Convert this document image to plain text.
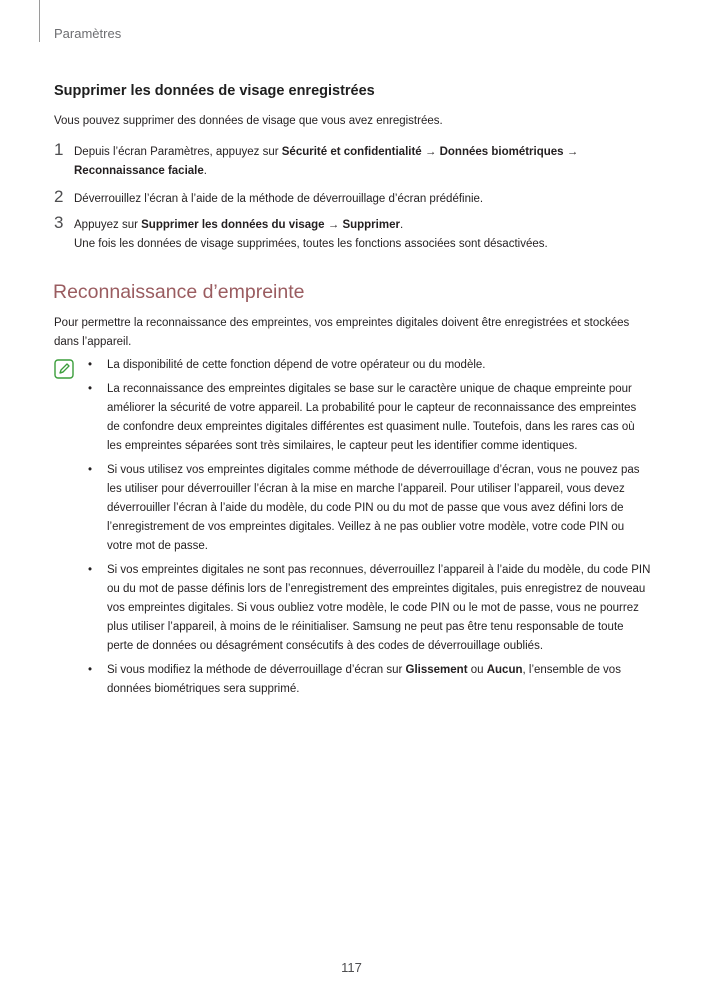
Paramètres
Supprimer les données de visage enregistrées
Vous pouvez supprimer des données de visage que vous avez enregistrées.
1 Depuis l’écran Paramètres, appuyez sur Sécurité et confidentialité → Données biométriques →
Reconnaissance faciale.
2 Déverrouillez l’écran à l’aide de la méthode de déverrouillage d’écran prédéfinie.
3 Appuyez sur Supprimer les données du visage → Supprimer.
Une fois les données de visage supprimées, toutes les fonctions associées sont désactivées.
Reconnaissance d’empreinte
Pour permettre la reconnaissance des empreintes, vos empreintes digitales doivent être enregistrées et stockées dans l’appareil.
• La disponibilité de cette fonction dépend de votre opérateur ou du modèle.
• La reconnaissance des empreintes digitales se base sur le caractère unique de chaque empreinte pour améliorer la sécurité de votre appareil. La probabilité pour le capteur de reconnaissance des empreintes de confondre deux empreintes digitales différentes est quasiment nulle. Toutefois, dans les rares cas où les empreintes séparées sont très similaires, le capteur peut les identifier comme identiques.
• Si vous utilisez vos empreintes digitales comme méthode de déverrouillage d’écran, vous ne pouvez pas les utiliser pour déverrouiller l’écran à la mise en marche l’appareil. Pour utiliser l’appareil, vous devez déverrouiller l’écran à l’aide du modèle, du code PIN ou du mot de passe que vous avez défini lors de l’enregistrement de vos empreintes digitales. Veillez à ne pas oublier votre modèle, votre code PIN ou votre mot de passe.
• Si vos empreintes digitales ne sont pas reconnues, déverrouillez l’appareil à l’aide du modèle, du code PIN ou du mot de passe définis lors de l’enregistrement des empreintes digitales, puis enregistrez de nouveau vos empreintes digitales. Si vous oubliez votre modèle, le code PIN ou le mot de passe, vous ne pourrez plus utiliser l’appareil, à moins de le réinitialiser. Samsung ne peut pas être tenu responsable de toute perte de données ou désagrément consécutifs à des codes de déverrouillage oubliés.
• Si vous modifiez la méthode de déverrouillage d’écran sur Glissement ou Aucun, l’ensemble de vos données biométriques sera supprimé.
117
